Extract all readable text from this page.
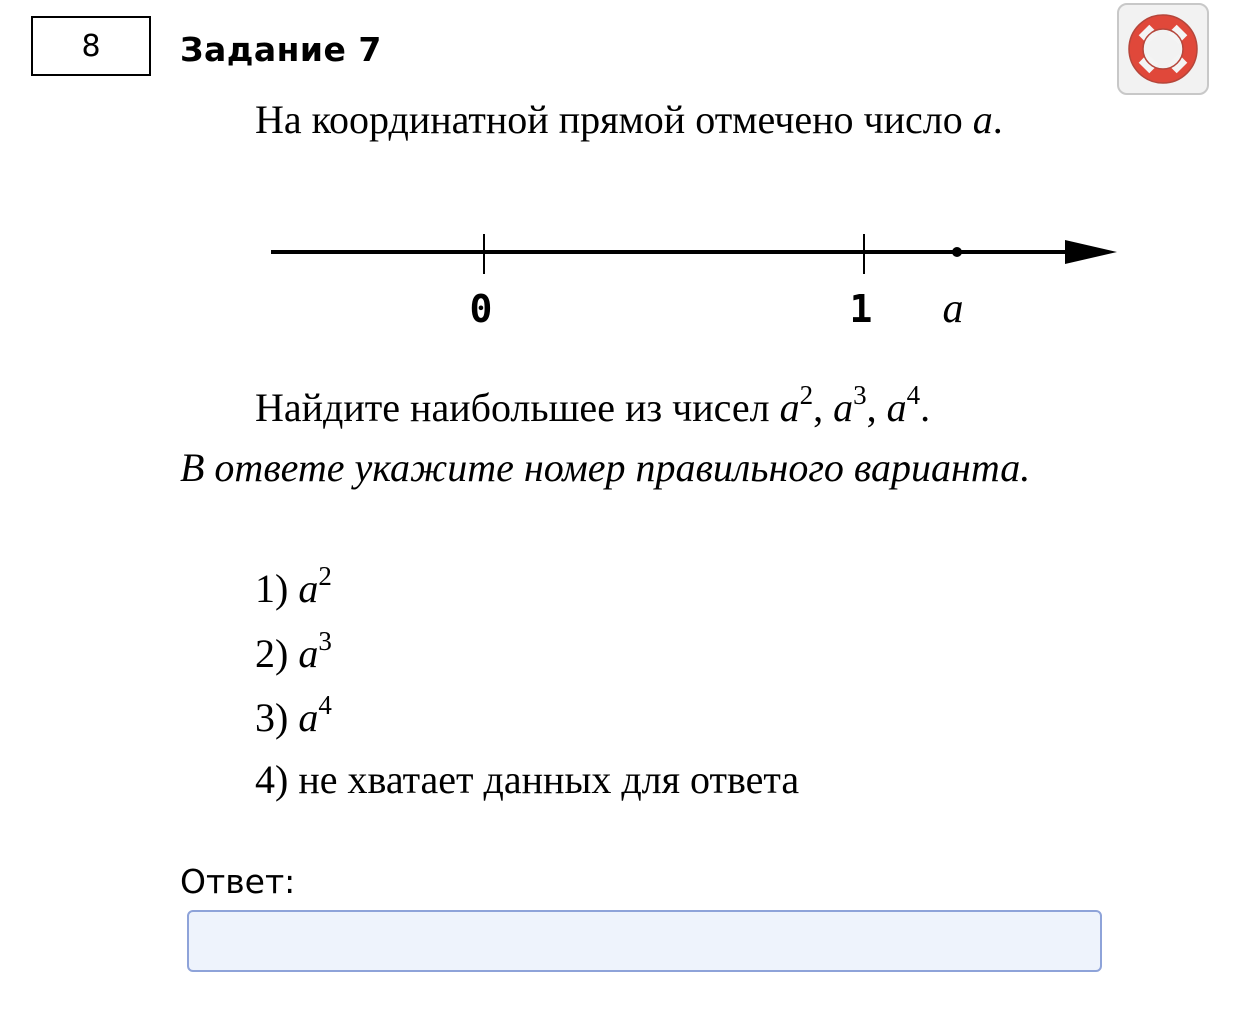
8 Задание 7
На координатной прямой отмечено число a.
0	1 a
Найдите наибольшее из чисел $a^2$, $a^3$, $a^4$.
В ответе укажите номер правильного варианта.
1) $a^2$
2) $a^3$
3) $a^4$
4) не хватает данных для ответа
Ответ:
